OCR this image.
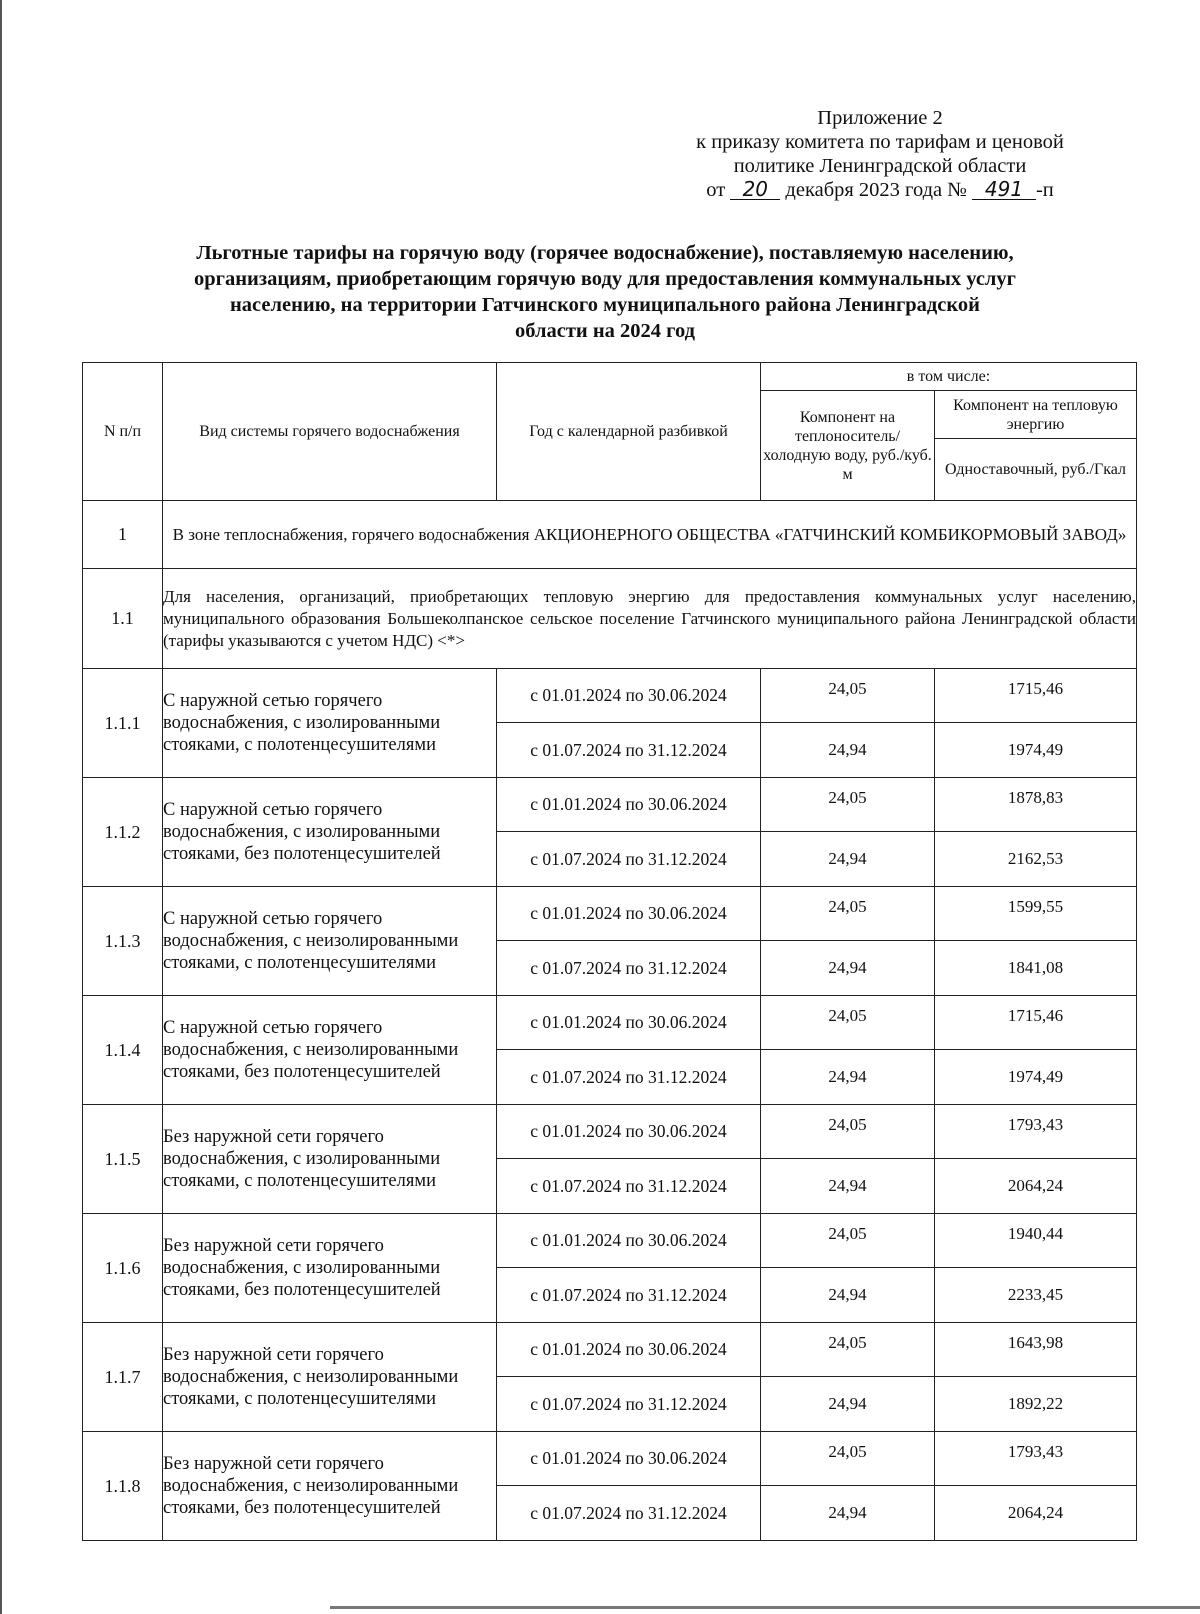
Приложение 2
к приказу комитета по тарифам и ценовой
политике Ленинградской области
от 20 декабря 2023 года № 491 -п
Льготные тарифы на горячую воду (горячее водоснабжение), поставляемую населению,
организациям, приобретающим горячую воду для предоставления коммунальных услуг
населению, на территории Гатчинского муниципального района Ленинградской
области на 2024 год
N п/п	Вид системы горячего водоснабжения	Год с календарной разбивкой	в том числе:	
			Компонент на теплоноситель/ холодную воду, руб./куб. м	Компонент на тепловую энергию
				Одноставочный, руб./Гкал
1	В зоне теплоснабжения, горячего водоснабжения АКЦИОНЕРНОГО ОБЩЕСТВА «ГАТЧИНСКИЙ КОМБИКОРМОВЫЙ ЗАВОД»			
1.1	Для населения, организаций, приобретающих тепловую энергию для предоставления коммунальных услуг населению, муниципального образования Большеколпанское сельское поселение Гатчинского муниципального района Ленинградской области (тарифы указываются с учетом НДС) <*>			
1.1.1	С наружной сетью горячего водоснабжения, с изолированными стояками, с полотенцесушителями	с 01.01.2024 по 30.06.2024	24,05	1715,46
		с 01.07.2024 по 31.12.2024	24,94	1974,49
1.1.2	С наружной сетью горячего водоснабжения, с изолированными стояками, без полотенцесушителей	с 01.01.2024 по 30.06.2024	24,05	1878,83
		с 01.07.2024 по 31.12.2024	24,94	2162,53
1.1.3	С наружной сетью горячего водоснабжения, с неизолированными стояками, с полотенцесушителями	с 01.01.2024 по 30.06.2024	24,05	1599,55
		с 01.07.2024 по 31.12.2024	24,94	1841,08
1.1.4	С наружной сетью горячего водоснабжения, с неизолированными стояками, без полотенцесушителей	с 01.01.2024 по 30.06.2024	24,05	1715,46
		с 01.07.2024 по 31.12.2024	24,94	1974,49
1.1.5	Без наружной сети горячего водоснабжения, с изолированными стояками, с полотенцесушителями	с 01.01.2024 по 30.06.2024	24,05	1793,43
		с 01.07.2024 по 31.12.2024	24,94	2064,24
1.1.6	Без наружной сети горячего водоснабжения, с изолированными стояками, без полотенцесушителей	с 01.01.2024 по 30.06.2024	24,05	1940,44
		с 01.07.2024 по 31.12.2024	24,94	2233,45
1.1.7	Без наружной сети горячего водоснабжения, с неизолированными стояками, с полотенцесушителями	с 01.01.2024 по 30.06.2024	24,05	1643,98
		с 01.07.2024 по 31.12.2024	24,94	1892,22
1.1.8	Без наружной сети горячего водоснабжения, с неизолированными стояками, без полотенцесушителей	с 01.01.2024 по 30.06.2024	24,05	1793,43
		с 01.07.2024 по 31.12.2024	24,94	2064,24
